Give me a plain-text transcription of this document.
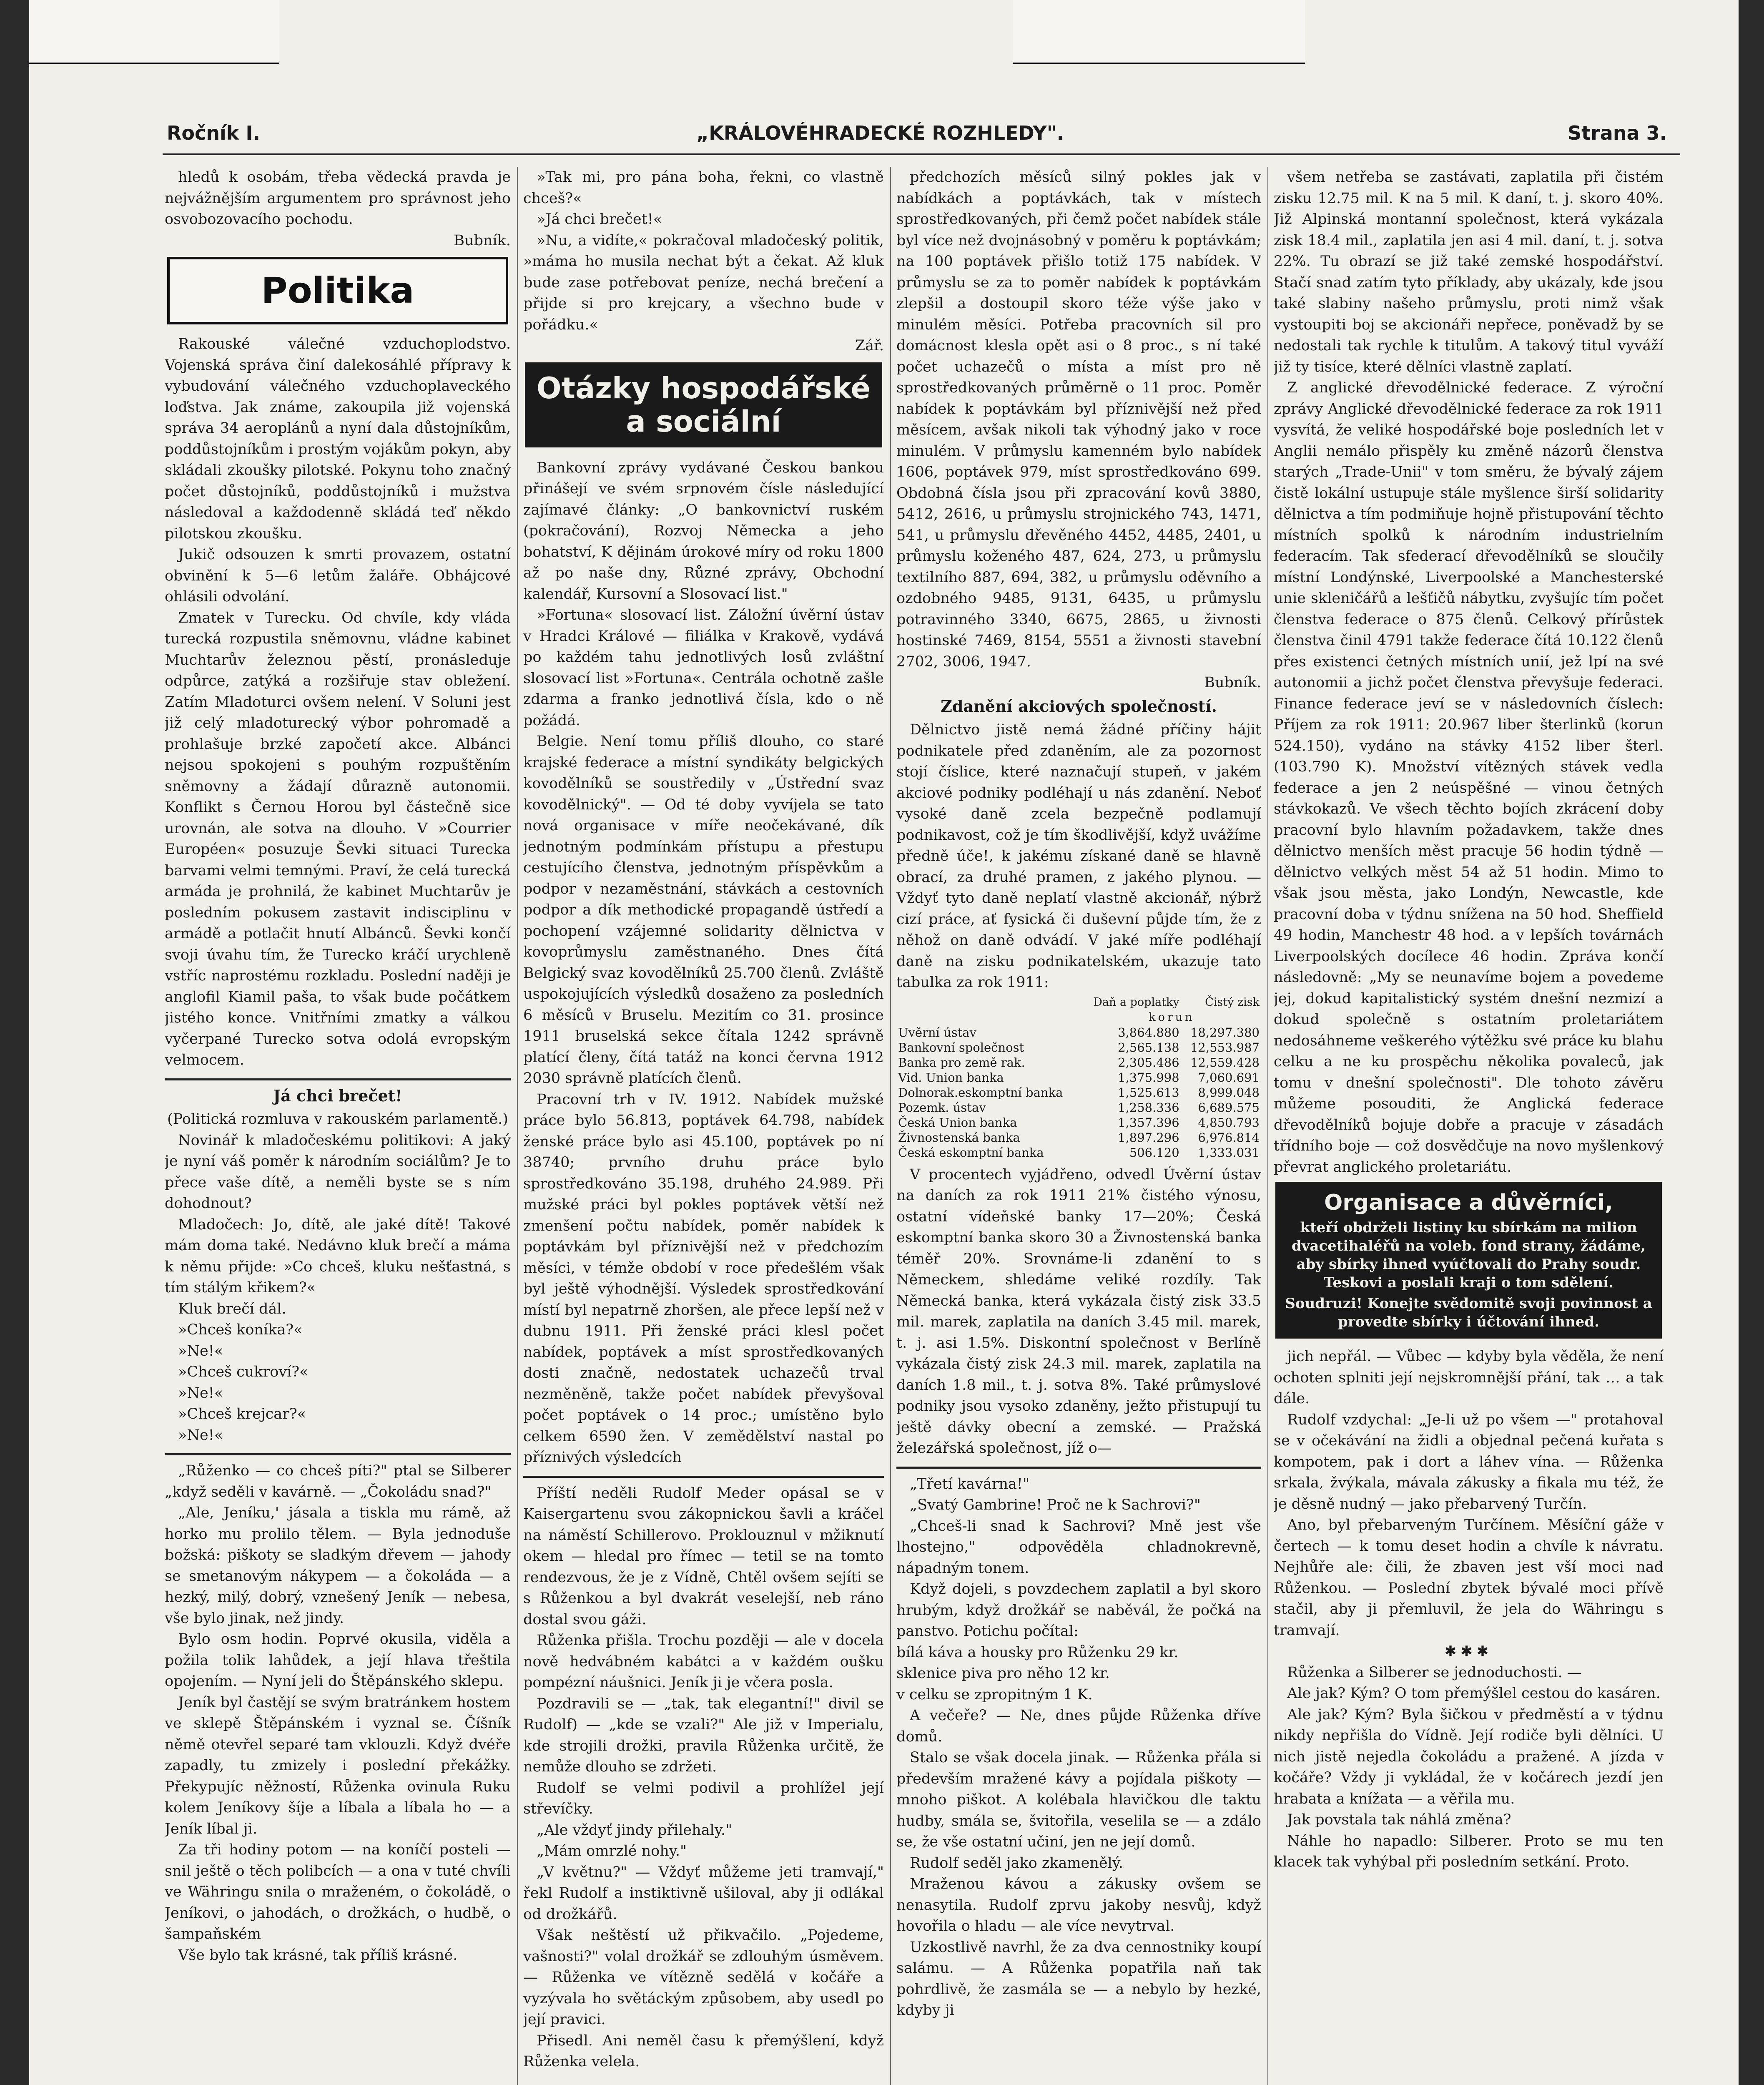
Ročník I.	„KRÁLOVÉHRADECKÉ ROZHLEDY".	Strana 3.

hledů k osobám, třeba vědecká pravda je nejvážnějším argumentem pro správnost jeho osvobozovacího pochodu.

Bubník.
Politika

Rakouské válečné vzduchoplodstvo. Vojenská správa činí dalekosáhlé přípravy k vybudování válečného vzduchoplaveckého loďstva. Jak známe, zakoupila již vojenská správa 34 aeroplánů a nyní dala důstojníkům, poddůstojníkům i prostým vojákům pokyn, aby skládali zkoušky pilotské. Pokynu toho značný počet důstojníků, poddůstojníků i mužstva následoval a každodenně skládá teď někdo pilotskou zkoušku.

Jukič odsouzen k smrti provazem, ostatní obvinění k 5—6 letům žaláře. Obhájcové ohlásili odvolání.

Zmatek v Turecku. Od chvíle, kdy vláda turecká rozpustila sněmovnu, vládne kabinet Muchtarův železnou pěstí, pronásleduje odpůrce, zatýká a rozšiřuje stav obležení. Zatím Mladoturci ovšem nelení. V Soluni jest již celý mladoturecký výbor pohromadě a prohlašuje brzké započetí akce. Albánci nejsou spokojeni s pouhým rozpuštěním sněmovny a žádají důrazně autonomii. Konflikt s Černou Horou byl částečně sice urovnán, ale sotva na dlouho. V »Courrier Européen« posuzuje Ševki situaci Turecka barvami velmi temnými. Praví, že celá turecká armáda je prohnilá, že kabinet Muchtarův je posledním pokusem zastavit indisciplinu v armádě a potlačit hnutí Albánců. Ševki končí svoji úvahu tím, že Turecko kráčí urychleně vstříc naprostému rozkladu. Poslední naději je anglofil Kiamil paša, to však bude počátkem jistého konce. Vnitřními zmatky a válkou vyčerpané Turecko sotva odolá evropským velmocem.

Já chci brečet!
(Politická rozmluva v rakouském parlamentě.)

Novinář k mladočeskému politikovi: A jaký je nyní váš poměr k národním sociálům? Je to přece vaše dítě, a neměli byste se s ním dohodnout?

Mladočech: Jo, dítě, ale jaké dítě! Takové mám doma také. Nedávno kluk brečí a máma k němu přijde: »Co chceš, kluku nešťastná, s tím stálým křikem?«

Kluk brečí dál.

»Chceš koníka?«

»Ne!«

»Chceš cukroví?«

»Ne!«

»Chceš krejcar?«

»Ne!«

„Růženko — co chceš píti?" ptal se Silberer „když seděli v kavárně. — „Čokoládu snad?"

„Ale, Jeníku,' jásala a tiskla mu rámě, až horko mu prolilo tělem. — Byla jednoduše božská: piškoty se sladkým dřevem — jahody se smetanovým nákypem — a čokoláda — a hezký, milý, dobrý, vznešený Jeník — nebesa, vše bylo jinak, než jindy.

Bylo osm hodin. Poprvé okusila, viděla a požila tolik lahůdek, a její hlava třeštila opojením. — Nyní jeli do Štěpánského sklepu.

Jeník byl častějí se svým bratránkem hostem ve sklepě Štěpánském i vyznal se. Číšník němě otevřel separé tam vklouzli. Když dvéře zapadly, tu zmizely i poslední překážky. Překypujíc něžností, Růženka ovinula Ruku kolem Jeníkovy šíje a líbala a líbala ho — a Jeník líbal ji.

Za tři hodiny potom — na koníčí posteli — snil ještě o těch polibcích — a ona v tuté chvíli ve Währingu snila o mraženém, o čokoládě, o Jeníkovi, o jahodách, o drožkách, o hudbě, o šampaňském

Vše bylo tak krásné, tak příliš krásné.

»Tak mi, pro pána boha, řekni, co vlastně chceš?«

»Já chci brečet!«

»Nu, a vidíte,« pokračoval mladočeský politik, »máma ho musila nechat být a čekat. Až kluk bude zase potřebovat peníze, nechá brečení a přijde si pro krejcary, a všechno bude v pořádku.«

Zář.
Otázky hospodářské
a sociální

Bankovní zprávy vydávané Českou bankou přinášejí ve svém srpnovém čísle následující zajímavé články: „O bankovnictví ruském (pokračování), Rozvoj Německa a jeho bohatství, K dějinám úrokové míry od roku 1800 až po naše dny, Různé zprávy, Obchodní kalendář, Kursovní a Slosovací list."

»Fortuna« slosovací list. Záložní úvěrní ústav v Hradci Králové — filiálka v Krakově, vydává po každém tahu jednotlivých losů zvláštní slosovací list »Fortuna«. Centrála ochotně zašle zdarma a franko jednotlivá čísla, kdo o ně požádá.

Belgie. Není tomu příliš dlouho, co staré krajské federace a místní syndikáty belgických kovodělníků se soustředily v „Ústřední svaz kovodělnický". — Od té doby vyvíjela se tato nová organisace v míře neočekávané, dík jednotným podmínkám přístupu a přestupu cestujícího členstva, jednotným příspěvkům a podpor v nezaměstnání, stávkách a cestovních podpor a dík methodické propagandě ústředí a pochopení vzájemné solidarity dělnictva v kovoprůmyslu zaměstnaného. Dnes čítá Belgický svaz kovodělníků 25.700 členů. Zvláště uspokojujících výsledků dosaženo za posledních 6 měsíců v Bruselu. Mezitím co 31. prosince 1911 bruselská sekce čítala 1242 správně platící členy, čítá tatáž na konci června 1912 2030 správně platících členů.

Pracovní trh v IV. 1912. Nabídek mužské práce bylo 56.813, poptávek 64.798, nabídek ženské práce bylo asi 45.100, poptávek po ní 38740; prvního druhu práce bylo sprostředkováno 35.198, druhého 24.989. Při mužské práci byl pokles poptávek větší než zmenšení počtu nabídek, poměr nabídek k poptávkám byl příznivější než v předchozím měsíci, v témže období v roce předešlém však byl ještě výhodnější. Výsledek sprostředkování místí byl nepatrně zhoršen, ale přece lepší než v dubnu 1911. Při ženské práci klesl počet nabídek, poptávek a míst sprostředkovaných dosti značně, nedostatek uchazečů trval nezměněně, takže počet nabídek převyšoval počet poptávek o 14 proc.; umístěno bylo celkem 6590 žen. V zemědělství nastal po příznivých výsledcích

Příští neděli Rudolf Meder opásal se v Kaisergartenu svou zákopnickou šavli a kráčel na náměstí Schillerovo. Proklouznul v mžiknutí okem — hledal pro římec — tetil se na tomto rendezvous, že je z Vídně, Chtěl ovšem sejíti se s Růženkou a byl dvakrát veselejší, neb ráno dostal svou gáži.

Růženka přišla. Trochu později — ale v docela nově hedvábném kabátci a v každém oušku pompézní náušnici. Jeník ji je včera posla.

Pozdravili se — „tak, tak elegantní!" divil se Rudolf) — „kde se vzali?" Ale již v Imperialu, kde strojili drožki, pravila Růženka určitě, že nemůže dlouho se zdržeti.

Rudolf se velmi podivil a prohlížel její střevíčky.

„Ale vždyť jindy přilehaly."

„Mám omrzlé nohy."

„V květnu?" — Vždyť můžeme jeti tramvají," řekl Rudolf a instiktivně ušiloval, aby ji odlákal od drožkářů.

Však neštěstí už přikvačilo. „Pojedeme, vašnosti?" volal drožkář se zdlouhým úsměvem. — Růženka ve vítězně sedělá v kočáře a vyzývala ho světáckým způsobem, aby usedl po její pravici.

Přisedl. Ani neměl času k přemýšlení, když Růženka velela.

předchozích měsíců silný pokles jak v nabídkách a poptávkách, tak v místech sprostředkovaných, při čemž počet nabídek stále byl více než dvojnásobný v poměru k poptávkám; na 100 poptávek přišlo totiž 175 nabídek. V průmyslu se za to poměr nabídek k poptávkám zlepšil a dostoupil skoro téže výše jako v minulém měsíci. Potřeba pracovních sil pro domácnost klesla opět asi o 8 proc., s ní také počet uchazečů o místa a míst pro ně sprostředkovaných průměrně o 11 proc. Poměr nabídek k poptávkám byl příznivější než před měsícem, avšak nikoli tak výhodný jako v roce minulém. V průmyslu kamenném bylo nabídek 1606, poptávek 979, míst sprostředkováno 699. Obdobná čísla jsou při zpracování kovů 3880, 5412, 2616, u průmyslu strojnického 743, 1471, 541, u průmyslu dřevěného 4452, 4485, 2401, u průmyslu koženého 487, 624, 273, u průmyslu textilního 887, 694, 382, u průmyslu oděvního a ozdobného 9485, 9131, 6435, u průmyslu potravinného 3340, 6675, 2865, u živnosti hostinské 7469, 8154, 5551 a živnosti stavební 2702, 3006, 1947.

Bubník.
Zdanění akciových společností.

Dělnictvo jistě nemá žádné příčiny hájit podnikatele před zdaněním, ale za pozornost stojí číslice, které naznačují stupeň, v jakém akciové podniky podléhají u nás zdanění. Neboť vysoké daně zcela bezpečně podlamují podnikavost, což je tím škodlivější, když uvážíme předně úče!, k jakému získané daně se hlavně obrací, za druhé pramen, z jakého plynou. — Vždyť tyto daně neplatí vlastně akcionář, nýbrž cizí práce, ať fysická či duševní půjde tím, že z něhož on daně odvádí. V jaké míře podléhají daně na zisku podnikatelském, ukazuje tato tabulka za rok 1911:

	Daň a poplatky	Čistý zisk
	korun	
Uvěrní ústav	3,864.880	18,297.380
Bankovní společnost	2,565.138	12,553.987
Banka pro země rak.	2,305.486	12,559.428
Vid. Union banka	1,375.998	7,060.691
Dolnorak.eskomptní banka	1,525.613	8,999.048
Pozemk. ústav	1,258.336	6,689.575
Česká Union banka	1,357.396	4,850.793
Živnostenská banka	1,897.296	6,976.814
Česká eskomptní banka	506.120	1,333.031

V procentech vyjádřeno, odvedl Úvěrní ústav na daních za rok 1911 21% čistého výnosu, ostatní vídeňské banky 17—20%; Česká eskomptní banka skoro 30 a Živnostenská banka téměř 20%. Srovnáme-li zdanění to s Německem, shledáme veliké rozdíly. Tak Německá banka, která vykázala čistý zisk 33.5 mil. marek, zaplatila na daních 3.45 mil. marek, t. j. asi 1.5%. Diskontní společnost v Berlíně vykázala čistý zisk 24.3 mil. marek, zaplatila na daních 1.8 mil., t. j. sotva 8%. Také průmyslové podniky jsou vysoko zdaněny, ježto přistupují tu ještě dávky obecní a zemské. — Pražská železářská společnost, jíž o—

„Třetí kavárna!"

„Svatý Gambrine! Proč ne k Sachrovi?"

„Chceš-li snad k Sachrovi? Mně jest vše lhostejno," odpověděla chladnokrevně, nápadným tonem.

Když dojeli, s povzdechem zaplatil a byl skoro hrubým, když drožkář se naběvál, že počká na panstvo. Potichu počítal:

bílá káva a housky pro Růženku 29 kr.

sklenice piva pro něho 12 kr.

v celku se zpropitným 1 K.

A večeře? — Ne, dnes půjde Růženka dříve domů.

Stalo se však docela jinak. — Růženka přála si především mražené kávy a pojídala piškoty — mnoho piškot. A kolébala hlavičkou dle taktu hudby, smála se, švitořila, veselila se — a zdálo se, že vše ostatní učiní, jen ne její domů.

Rudolf seděl jako zkamenělý.

Mraženou kávou a zákusky ovšem se nenasytila. Rudolf zprvu jakoby nesvůj, když hovořila o hladu — ale více nevytrval.

Uzkostlivě navrhl, že za dva cennostniky koupí salámu. — A Růženka popatřila naň tak pohrdlivě, že zasmála se — a nebylo by hezké, kdyby ji

všem netřeba se zastávati, zaplatila při čistém zisku 12.75 mil. K na 5 mil. K daní, t. j. skoro 40%. Již Alpinská montanní společnost, která vykázala zisk 18.4 mil., zaplatila jen asi 4 mil. daní, t. j. sotva 22%. Tu obrazí se již také zemské hospodářství. Stačí snad zatím tyto příklady, aby ukázaly, kde jsou také slabiny našeho průmyslu, proti nimž však vystoupiti boj se akcionáři nepřece, poněvadž by se nedostali tak rychle k titulům. A takový titul vyváží již ty tisíce, které dělníci vlastně zaplatí.

Z anglické dřevodělnické federace. Z výroční zprávy Anglické dřevodělnické federace za rok 1911 vysvítá, že veliké hospodářské boje posledních let v Anglii nemálo přispěly ku změně názorů členstva starých „Trade-Unii" v tom směru, že bývalý zájem čistě lokální ustupuje stále myšlence širší solidarity dělnictva a tím podmiňuje hojně přistupování těchto místních spolků k národním industrielním federacím. Tak sfederací dřevodělníků se sloučily místní Londýnské, Liverpoolské a Manchesterské unie skleničářů a lešťičů nábytku, zvyšujíc tím počet členstva federace o 875 členů. Celkový přírůstek členstva činil 4791 takže federace čítá 10.122 členů přes existenci četných místních unií, jež lpí na své autonomii a jichž počet členstva převyšuje federaci. Finance federace jeví se v následovních číslech: Příjem za rok 1911: 20.967 liber šterlinků (korun 524.150), vydáno na stávky 4152 liber šterl. (103.790 K). Množství vítězných stávek vedla federace a jen 2 neúspěšné — vinou četných stávkokazů. Ve všech těchto bojích zkrácení doby pracovní bylo hlavním požadavkem, takže dnes dělnictvo menších měst pracuje 56 hodin týdně — dělnictvo velkých měst 54 až 51 hodin. Mimo to však jsou města, jako Londýn, Newcastle, kde pracovní doba v týdnu snížena na 50 hod. Sheffield 49 hodin, Manchestr 48 hod. a v lepších továrnách Liverpoolských docílece 46 hodin. Zpráva končí následovně: „My se neunavíme bojem a povedeme jej, dokud kapitalistický systém dnešní nezmizí a dokud společně s ostatním proletariátem nedosáhneme veškerého výtěžku své práce ku blahu celku a ne ku prospěchu několika povaleců, jak tomu v dnešní společnosti". Dle tohoto závěru můžeme posouditi, že Anglická federace dřevodělníků bojuje dobře a pracuje v zásadách třídního boje — což dosvědčuje na novo myšlenkový převrat anglického proletariátu.

Organisace a důvěrníci,
kteří obdrželi listiny ku sbírkám na milion dvacetihaléřů na voleb. fond strany, žádáme, aby sbírky ihned vyúčtovali do Prahy soudr. Teskovi a poslali kraji o tom sdělení.
Soudruzi! Konejte svědomitě svoji povinnost a provedte sbírky i účtování ihned.

jich nepřál. — Vůbec — kdyby byla věděla, že není ochoten splniti její nejskromnější přání, tak … a tak dále.

Rudolf vzdychal: „Je-li už po všem —" protahoval se v očekávání na židli a objednal pečená kuřata s kompotem, pak i dort a láhev vína. — Růženka srkala, žvýkala, mávala zákusky a fikala mu též, že je děsně nudný — jako přebarvený Turčín.

Ano, byl přebarveným Turčínem. Měsíční gáže v čertech — k tomu deset hodin a chvíle k návratu. Nejhůře ale: čili, že zbaven jest vší moci nad Růženkou. — Poslední zbytek bývalé moci přívě stačil, aby ji přemluvil, že jela do Währingu s tramvají.

✱✱✱

Růženka a Silberer se jednoduchosti. —

Ale jak? Kým? O tom přemýšlel cestou do kasáren.

Ale jak? Kým? Byla šičkou v předměstí a v týdnu nikdy nepřišla do Vídně. Její rodiče byli dělníci. U nich jistě nejedla čokoládu a pražené. A jízda v kočáře? Vždy ji vykládal, že v kočárech jezdí jen hrabata a knížata — a věřila mu.

Jak povstala tak náhlá změna?

Náhle ho napadlo: Silberer. Proto se mu ten klacek tak vyhýbal při posledním setkání. Proto.
